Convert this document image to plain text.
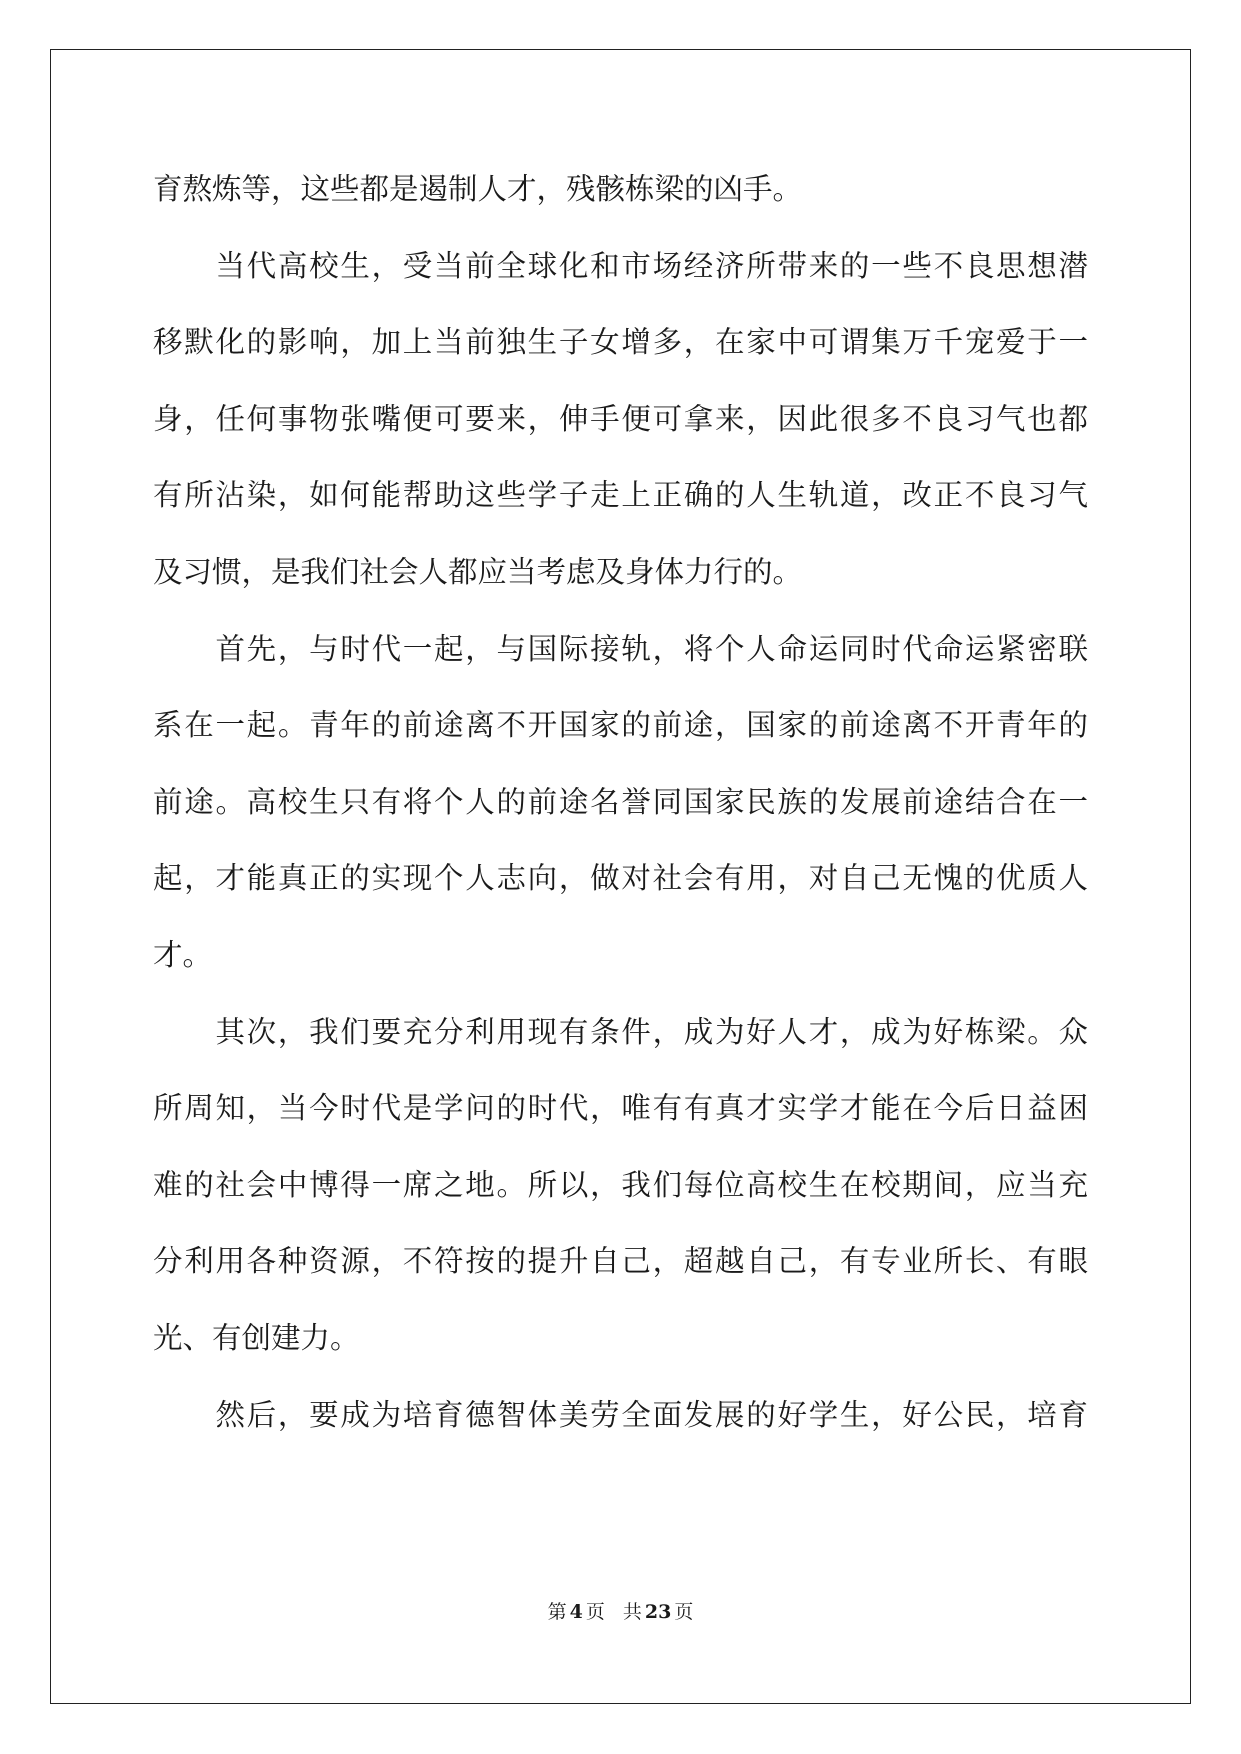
育熬炼等，这些都是遏制人才，残骸栋梁的凶手。
　　当代高校生，受当前全球化和市场经济所带来的一些不良思想潜
移默化的影响，加上当前独生子女增多，在家中可谓集万千宠爱于一
身，任何事物张嘴便可要来，伸手便可拿来，因此很多不良习气也都
有所沾染，如何能帮助这些学子走上正确的人生轨道，改正不良习气
及习惯，是我们社会人都应当考虑及身体力行的。
　　首先，与时代一起，与国际接轨，将个人命运同时代命运紧密联
系在一起。青年的前途离不开国家的前途，国家的前途离不开青年的
前途。高校生只有将个人的前途名誉同国家民族的发展前途结合在一
起，才能真正的实现个人志向，做对社会有用，对自己无愧的优质人
才。
　　其次，我们要充分利用现有条件，成为好人才，成为好栋梁。众
所周知，当今时代是学问的时代，唯有有真才实学才能在今后日益困
难的社会中博得一席之地。所以，我们每位高校生在校期间，应当充
分利用各种资源，不符按的提升自己，超越自己，有专业所长、有眼
光、有创建力。
　　然后，要成为培育德智体美劳全面发展的好学生，好公民，培育
第 4 页 共 23 页
